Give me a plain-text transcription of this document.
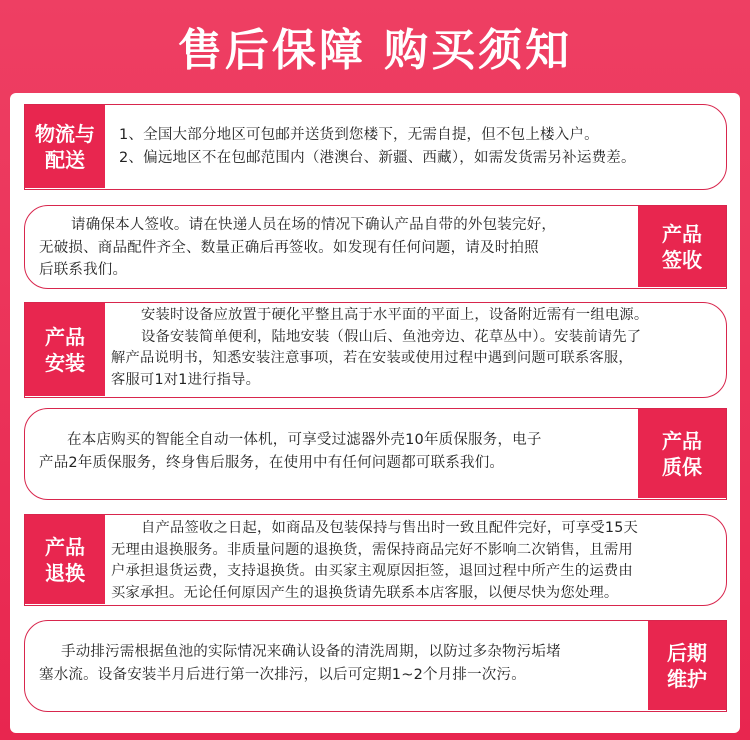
售后保障 购买须知
物流与
配送
1、全国大部分地区可包邮并送货到您楼下，无需自提，但不包上楼入户。
2、偏远地区不在包邮范围内（港澳台、新疆、西藏），如需发货需另补运费差。
请确保本人签收。请在快递人员在场的情况下确认产品自带的外包装完好，
无破损、商品配件齐全、数量正确后再签收。如发现有任何问题，请及时拍照
后联系我们。
产品
签收
产品
安装
安装时设备应放置于硬化平整且高于水平面的平面上，设备附近需有一组电源。
设备安装简单便利，陆地安装（假山后、鱼池旁边、花草丛中）。安装前请先了
解产品说明书，知悉安装注意事项，若在安装或使用过程中遇到问题可联系客服，
客服可1对1进行指导。
在本店购买的智能全自动一体机，可享受过滤器外壳10年质保服务，电子
产品2年质保服务，终身售后服务，在使用中有任何问题都可联系我们。
产品
质保
产品
退换
自产品签收之日起，如商品及包装保持与售出时一致且配件完好，可享受15天
无理由退换服务。非质量问题的退换货，需保持商品完好不影响二次销售，且需用
户承担退货运费，支持退换货。由买家主观原因拒签，退回过程中所产生的运费由
买家承担。无论任何原因产生的退换货请先联系本店客服，以便尽快为您处理。
手动排污需根据鱼池的实际情况来确认设备的清洗周期，以防过多杂物污垢堵
塞水流。设备安装半月后进行第一次排污，以后可定期1~2个月排一次污。
后期
维护
